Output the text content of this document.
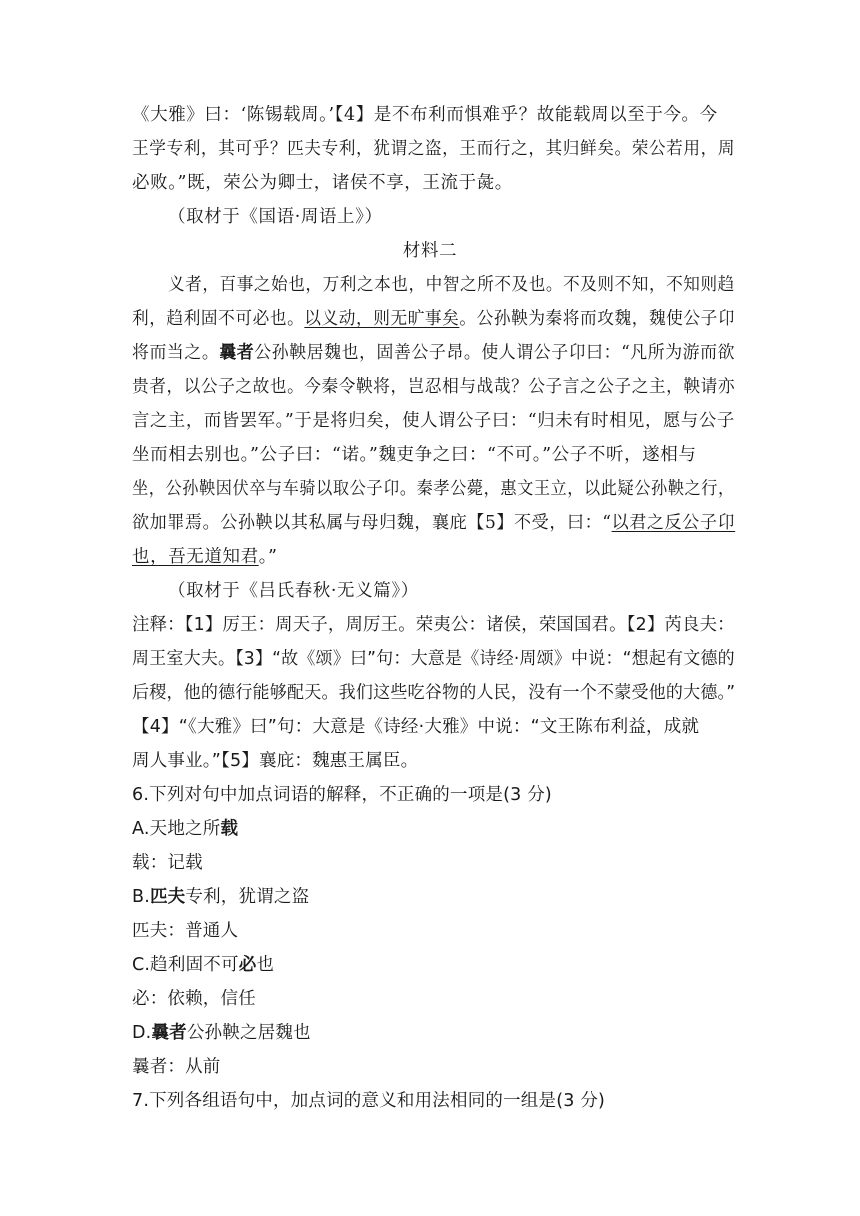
《大雅》曰：‘陈锡载周。’【4】是不布利而惧难乎？故能载周以至于今。今
王学专利，其可乎？匹夫专利，犹谓之盗，王而行之，其归鲜矣。荣公若用，周
必败。”既，荣公为卿士，诸侯不享，王流于彘。
（取材于《国语·周语上》）
材料二
义者，百事之始也，万利之本也，中智之所不及也。不及则不知，不知则趋
利，趋利固不可必也。以义动，则无旷事矣。公孙鞅为秦将而攻魏，魏使公子卬
将而当之。曩者公孙鞅居魏也，固善公子昂。使人谓公子卬曰：“凡所为游而欲
贵者，以公子之故也。今秦令鞅将，岂忍相与战哉？公子言之公子之主，鞅请亦
言之主，而皆罢军。”于是将归矣，使人谓公子曰：“归未有时相见，愿与公子
坐而相去别也。”公子曰：“诺。”魏吏争之曰：“不可。”公子不听，遂相与
坐，公孙鞅因伏卒与车骑以取公子卬。秦孝公薨，惠文王立，以此疑公孙鞅之行，
欲加罪焉。公孙鞅以其私属与母归魏，襄庇【5】不受，曰：“以君之反公子卬
也，吾无道知君。”
（取材于《吕氏春秋·无义篇》）
注释：【1】厉王：周天子，周厉王。荣夷公：诸侯，荣国国君。【2】芮良夫：
周王室大夫。【3】“故《颂》曰”句：大意是《诗经·周颂》中说：“想起有文德的
后稷，他的德行能够配天。我们这些吃谷物的人民，没有一个不蒙受他的大德。”
【4】“《大雅》曰”句：大意是《诗经·大雅》中说：“文王陈布利益，成就
周人事业。”【5】襄庇：魏惠王属臣。
6.下列对句中加点词语的解释，不正确的一项是(3 分)
A.天地之所载
载：记载
B.匹夫专利，犹谓之盗
匹夫：普通人
C.趋利固不可必也
必：依赖，信任
D.曩者公孙鞅之居魏也
曩者：从前
7.下列各组语句中，加点词的意义和用法相同的一组是(3 分)
